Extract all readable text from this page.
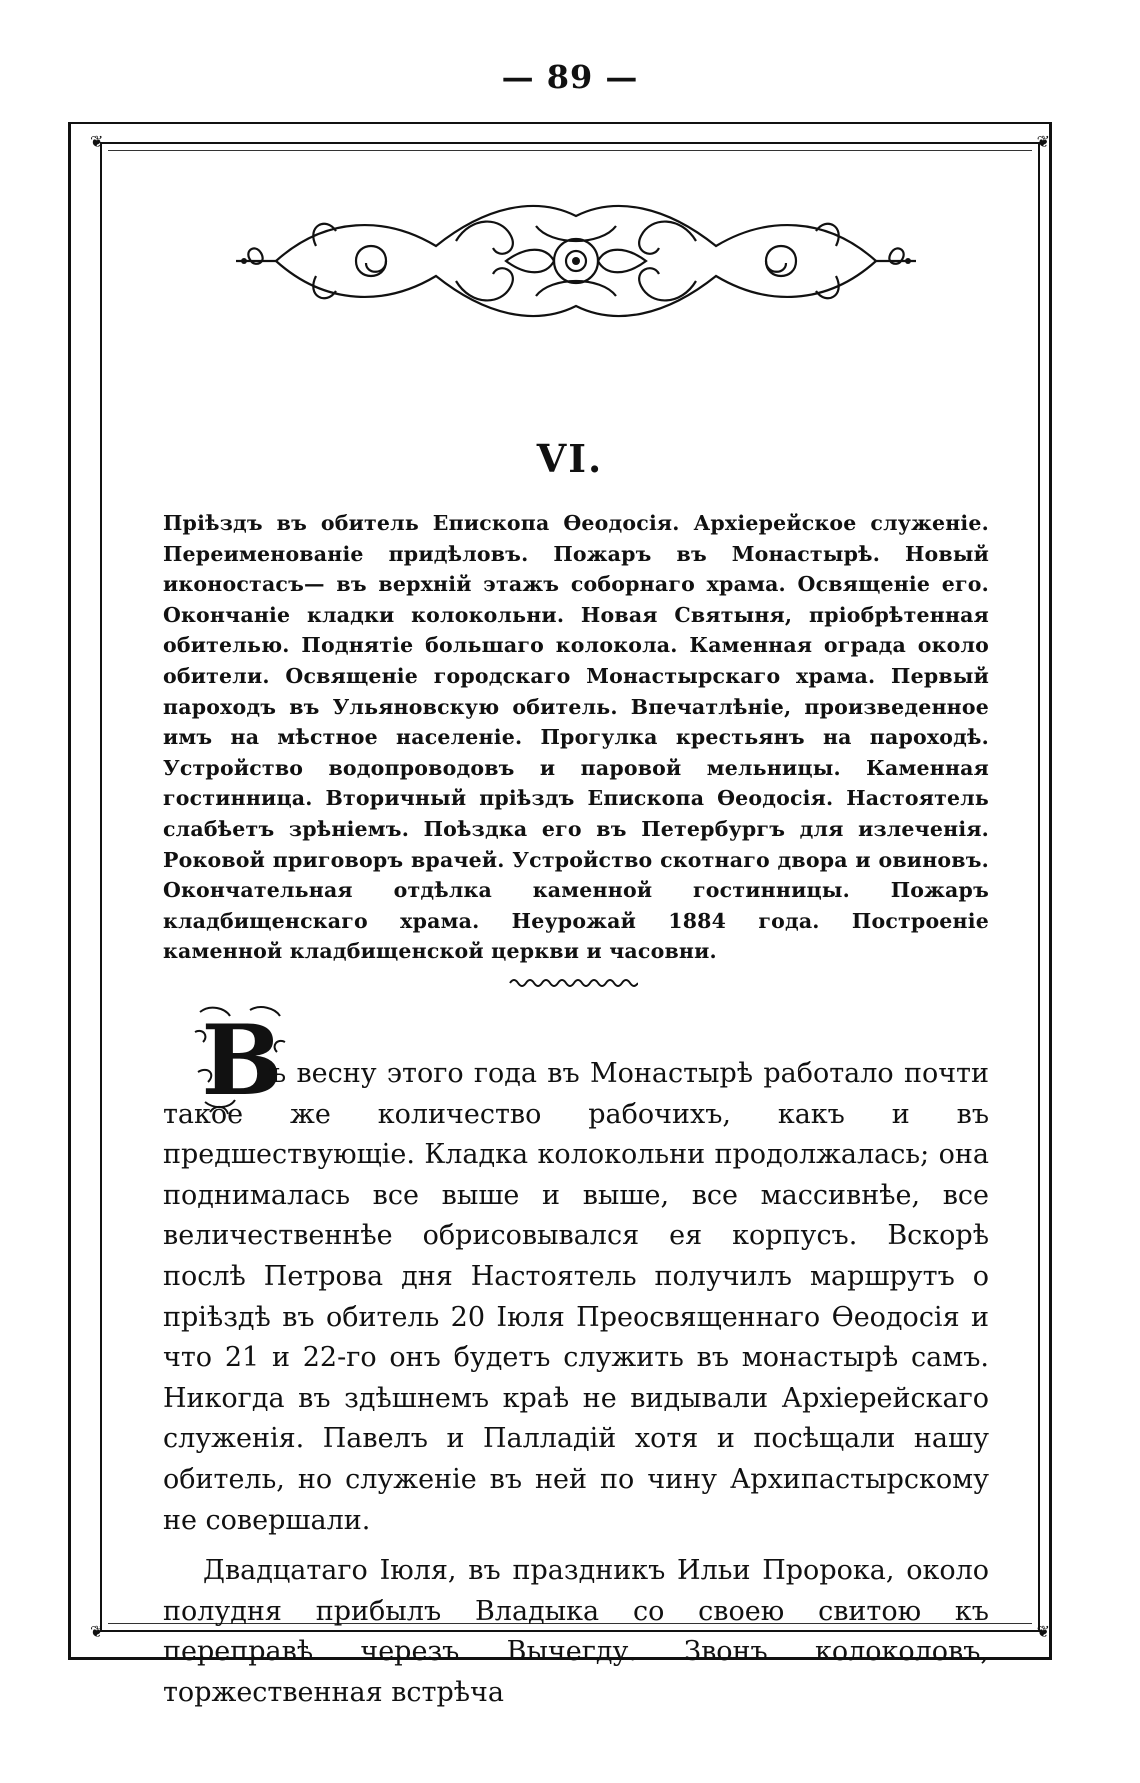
— 89 —
❦	❦
❦	❦
VI.
Прiѣздъ въ обитель Епископа Ѳеодосiя. Архiерейское служенiе. Переименованiе придѣловъ. Пожаръ въ Монастырѣ. Новый иконостасъ— въ верхнiй этажъ соборнаго храма. Освященiе его. Окончанiе кладки колокольни. Новая Святыня, прiобрѣтенная обителью. Поднятiе большаго колокола. Каменная ограда около обители. Освященiе городскаго Монастырскаго храма. Первый пароходъ въ Ульяновскую обитель. Впечатлѣнiе, произведенное имъ на мѣстное населенiе. Прогулка крестьянъ на пароходѣ. Устройство водопроводовъ и паровой мельницы. Каменная гостинница. Вторичный прiѣздъ Епископа Ѳеодосiя. Настоятель слабѣетъ зрѣнiемъ. Поѣздка его въ Петербургъ для излеченiя. Роковой приговоръ врачей. Устройство скотнаго двора и овиновъ. Окончательная отдѣлка каменной гостинницы. Пожаръ кладбищенскаго храма. Неурожай 1884 года. Построенiе каменной кладбищенской церкви и часовни.
В

ъ весну этого года въ Монастырѣ работало почти такое же количество рабочихъ, какъ и въ предшествующiе. Кладка колокольни продолжалась; она поднималась все выше и выше, все массивнѣе, все величественнѣе обрисовывался ея корпусъ. Вскорѣ послѣ Петрова дня Настоятель получилъ маршрутъ о прiѣздѣ въ обитель 20 Iюля Преосвященнаго Ѳеодосiя и что 21 и 22-го онъ будетъ служить въ монастырѣ самъ. Никогда въ здѣшнемъ краѣ не видывали Архiерейскаго служенiя. Павелъ и Палладiй хотя и посѣщали нашу обитель, но служенiе въ ней по чину Архипастырскому не совершали.

Двадцатаго Iюля, въ праздникъ Ильи Пророка, около полудня прибылъ Владыка со своею свитою къ переправѣ черезъ Вычегду. Звонъ колоколовъ, торжественная встрѣча
